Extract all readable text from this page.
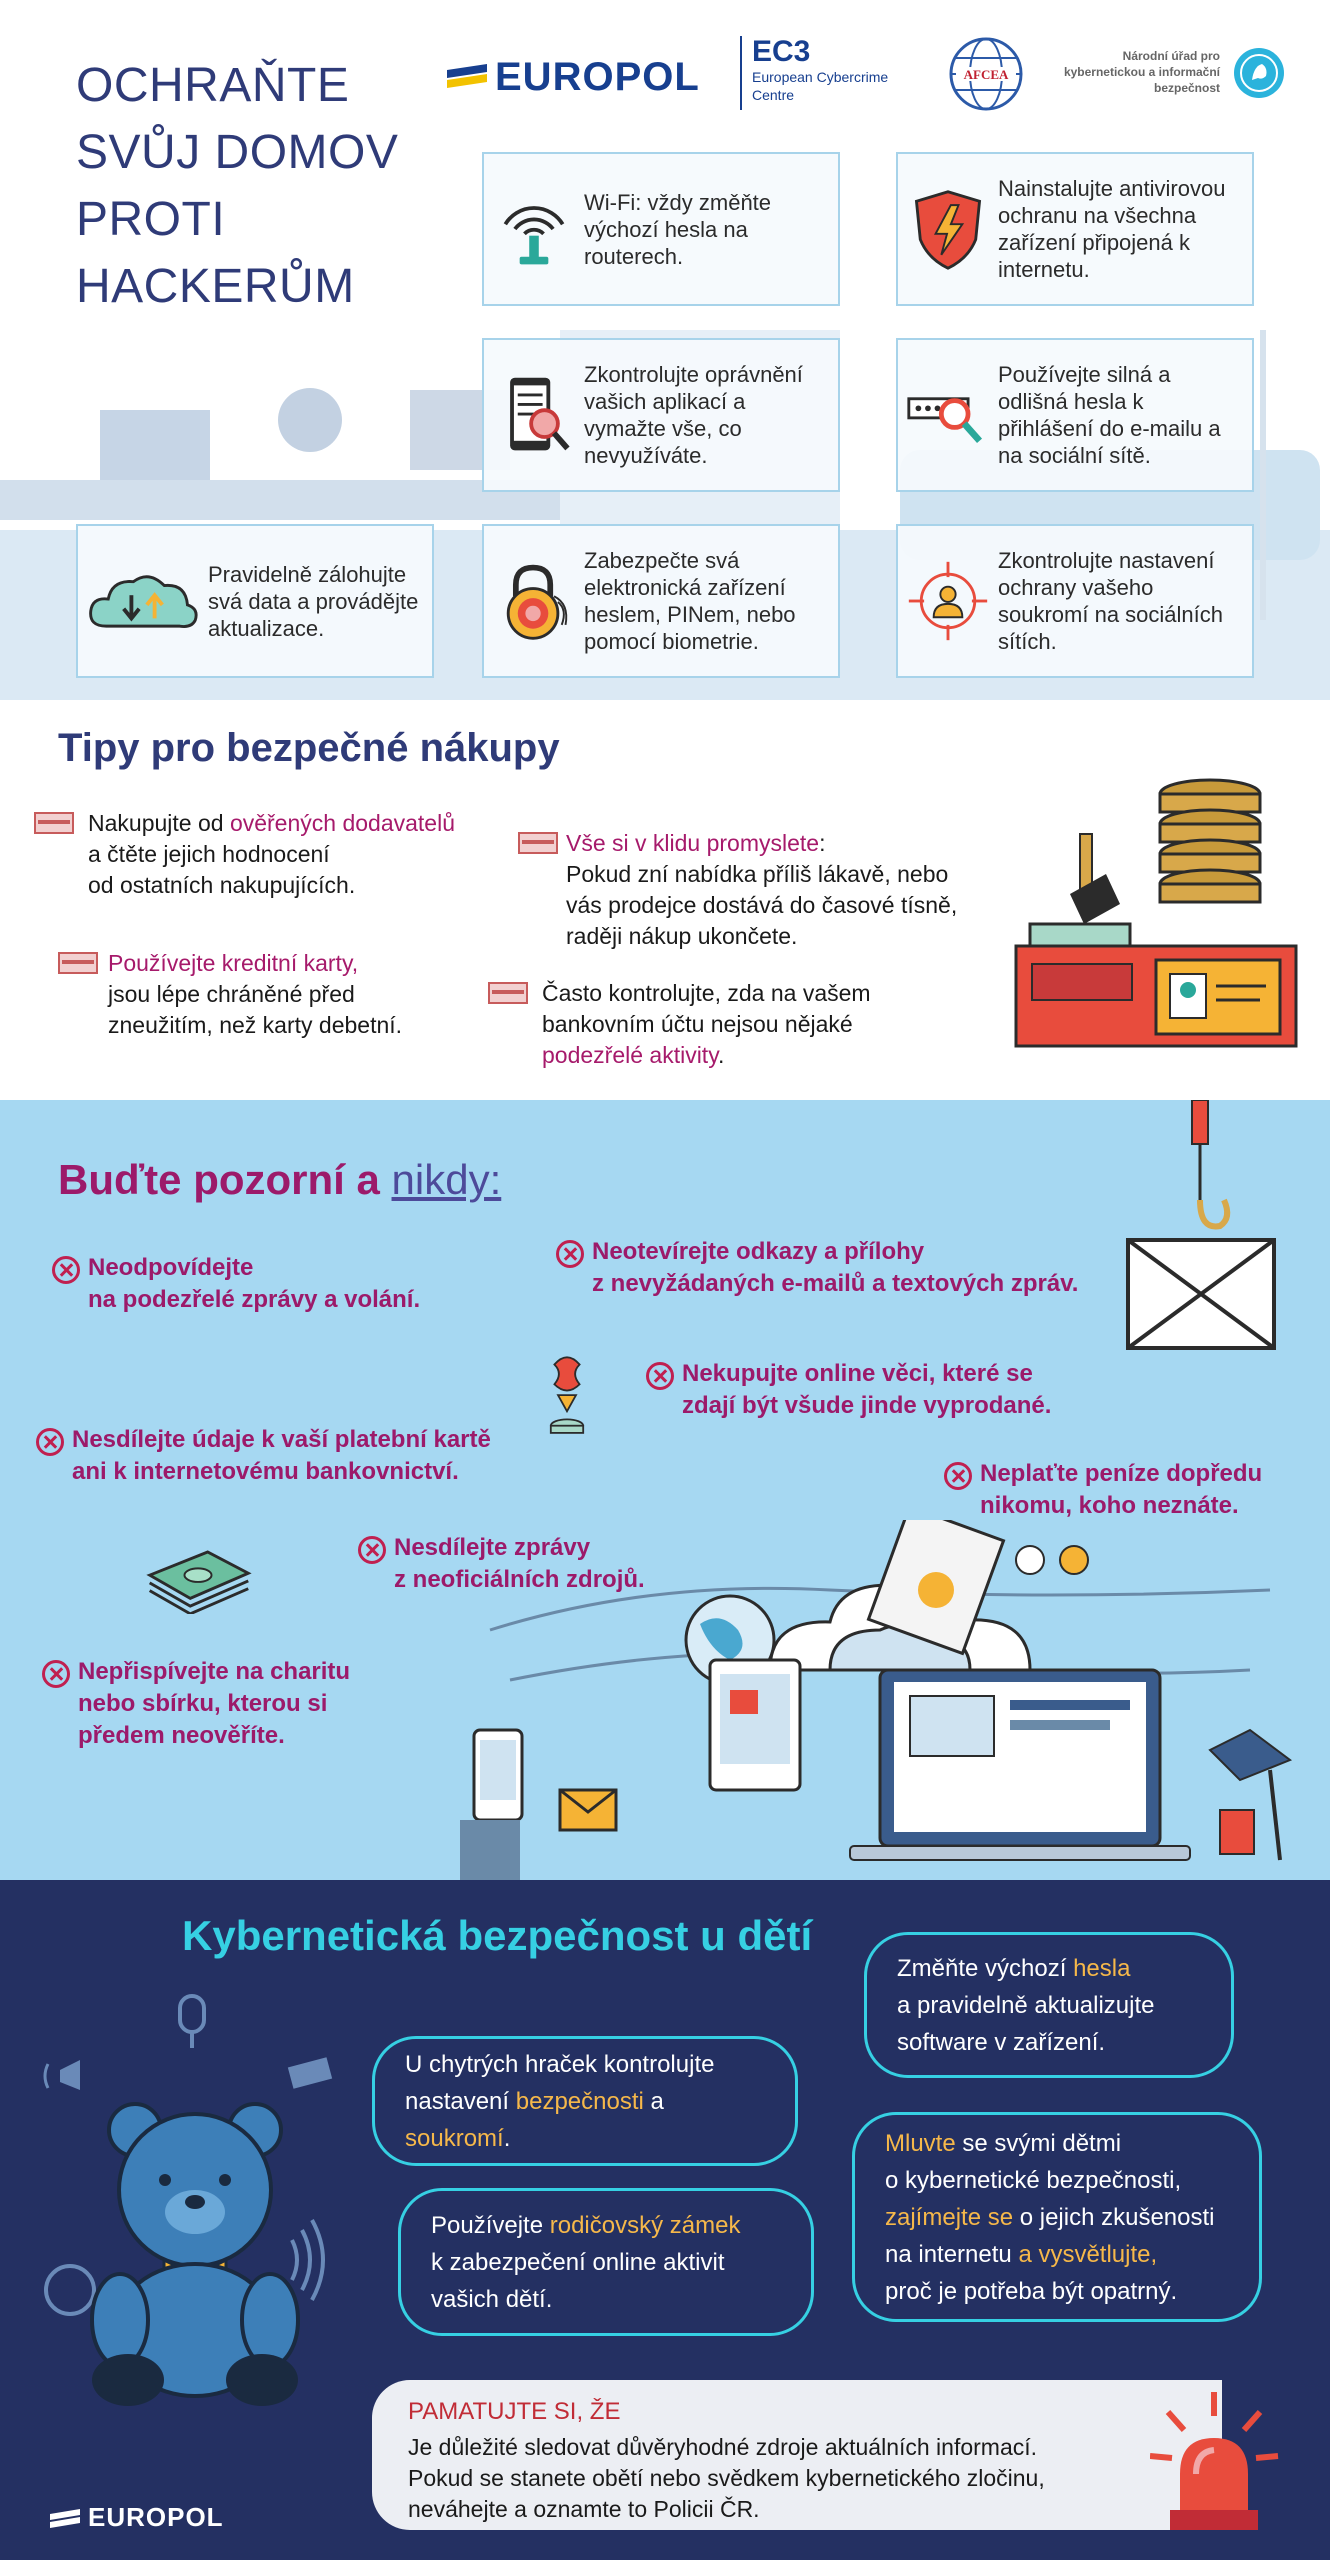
OCHRAŇTE SVŮJ DOMOV PROTI HACKERŮM
EUROPOL
EC3
European Cybercrime Centre
AFCEA
Národní úřad pro kybernetickou a informační bezpečnost
Wi-Fi: vždy změňte výchozí hesla na routerech.
Nainstalujte antivirovou ochranu na všechna zařízení připojená k internetu.
Zkontrolujte oprávnění vašich aplikací a vymažte vše, co nevyužíváte.
Používejte silná a odlišná hesla k přihlášení do e-mailu a na sociální sítě.
Pravidelně zálohujte svá data a provádějte aktualizace.
Zabezpečte svá elektronická zařízení heslem, PINem, nebo pomocí biometrie.
Zkontrolujte nastavení ochrany vašeho soukromí na sociálních sítích.
Tipy pro bezpečné nákupy
Nakupujte od ověřených dodavatelů
a čtěte jejich hodnocení
od ostatních nakupujících.
Vše si v klidu promyslete:
Pokud zní nabídka příliš lákavě, nebo
vás prodejce dostává do časové tísně,
raději nákup ukončete.
Používejte kreditní karty,
jsou lépe chráněné před
zneužitím, než karty debetní.
Často kontrolujte, zda na vašem
bankovním účtu nejsou nějaké
podezřelé aktivity.
Buďte pozorní a nikdy:
Neodpovídejte
na podezřelé zprávy a volání.
Neotevírejte odkazy a přílohy
z nevyžádaných e-mailů a textových zpráv.
Nekupujte online věci, které se
zdají být všude jinde vyprodané.
Nesdílejte údaje k vaší platební kartě
ani k internetovému bankovnictví.	Neplaťte peníze dopředu
nikomu, koho neznáte.
Nesdílejte zprávy
z neoficiálních zdrojů.
Nepřispívejte na charitu
nebo sbírku, kterou si
předem neověříte.
Kybernetická bezpečnost u dětí
Změňte výchozí hesla
a pravidelně aktualizujte
software v zařízení.
U chytrých hraček kontrolujte
nastavení bezpečnosti a soukromí.	Mluvte se svými dětmi
o kybernetické bezpečnosti,
zajímejte se o jejich zkušenosti
na internetu a vysvětlujte,
proč je potřeba být opatrný.
Používejte rodičovský zámek
k zabezpečení online aktivit
vašich dětí.
PAMATUJTE SI, ŽE
Je důležité sledovat důvěryhodné zdroje aktuálních informací.
Pokud se stanete obětí nebo svědkem kybernetického zločinu,
neváhejte a oznamte to Policii ČR.
EUROPOL
